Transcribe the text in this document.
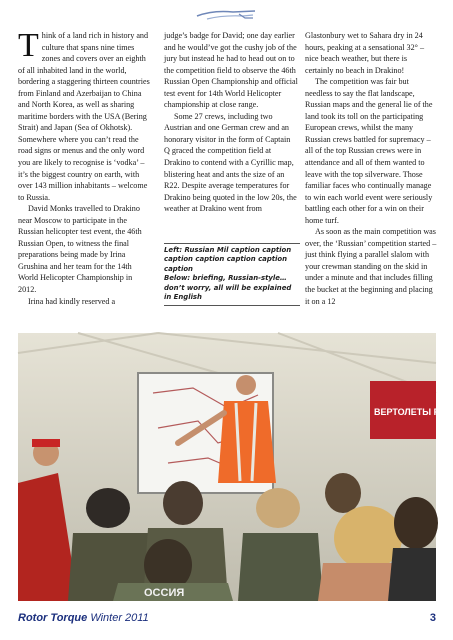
Think of a land rich in history and culture that spans nine times zones and covers over an eighth of all inhabited land in the world, bordering a staggering thirteen countries from Finland and Azerbaijan to China and North Korea, as well as sharing maritime borders with the USA (Bering Strait) and Japan (Sea of Okhotsk). Somewhere where you can’t read the road signs or menus and the only word you are likely to recognise is ‘vodka’ – it’s the biggest country on earth, with over 143 million inhabitants – welcome to Russia.

David Monks travelled to Drakino near Moscow to participate in the Russian helicopter test event, the 46th Russian Open, to witness the final preparations being made by Irina Grushina and her team for the 14th World Helicopter Championship in 2012.

Irina had kindly reserved a

judge’s badge for David; one day earlier and he would’ve got the cushy job of the jury but instead he had to head out on to the competition field to observe the 46th Russian Open Championship and official test event for 14th World Helicopter championship at close range.

Some 27 crews, including two Austrian and one German crew and an honorary visitor in the form of Captain Q graced the competition field at Drakino to contend with a Cyrillic map, blistering heat and ants the size of an R22. Despite average temperatures for Drakino being quoted in the low 20s, the weather at Drakino went from

Left: Russian Mil caption caption
caption caption caption caption
caption
Below: briefing, Russian-style…
don’t worry, all will be explained
in English

Glastonbury wet to Sahara dry in 24 hours, peaking at a sensational 32° – nice beach weather, but there is certainly no beach in Drakino!

The competition was fair but needless to say the flat landscape, Russian maps and the general lie of the land took its toll on the participating European crews, whilst the many Russian crews battled for supremacy – all of the top Russian crews were in attendance and all of them wanted to leave with the top silverware. Those familiar faces who continually manage to win each world event were seriously battling each other for a win on their home turf.

As soon as the main competition was over, the ‘Russian’ competition started – just think flying a parallel slalom with your crewman standing on the skid in under a minute and that includes filling the bucket at the beginning and placing it on a 12

ВЕРТОЛЕТЫ РОС
ОССИЯ
Rotor Torque Winter 2011	3
